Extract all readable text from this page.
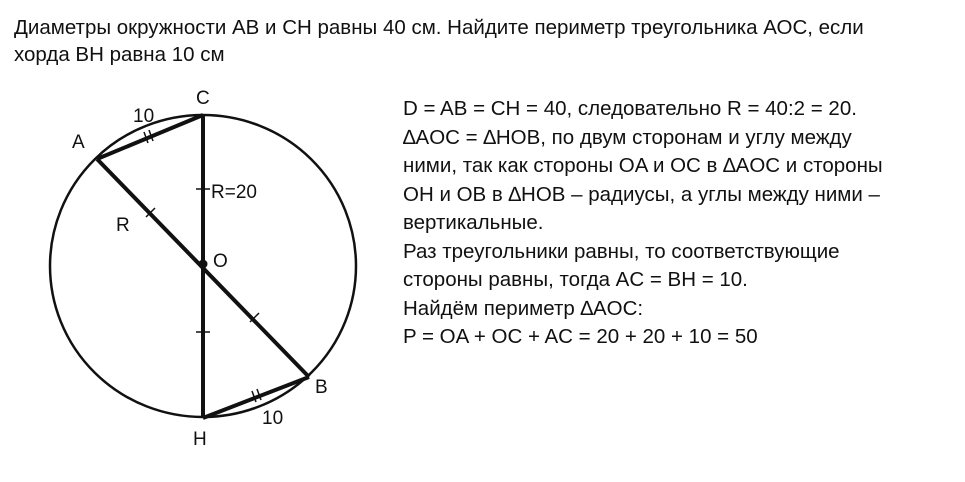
Диаметры окружности АВ и СН равны 40 см. Найдите периметр треугольника АОС, если
хорда ВН равна 10 см
C
A
B
H
O
10
10
R
R=20
D = AB = CH = 40, следовательно R = 40:2 = 20.
∆AOC = ∆HOB, по двум сторонам и углу между
ними, так как стороны OA и OC в ∆AOC и стороны
OH и OB в ∆HOB – радиусы, а углы между ними –
вертикальные.
Раз треугольники равны, то соответствующие
стороны равны, тогда AC = BH = 10.
Найдём периметр ∆AOC:
P = OA + OC + AC = 20 + 20 + 10 = 50
